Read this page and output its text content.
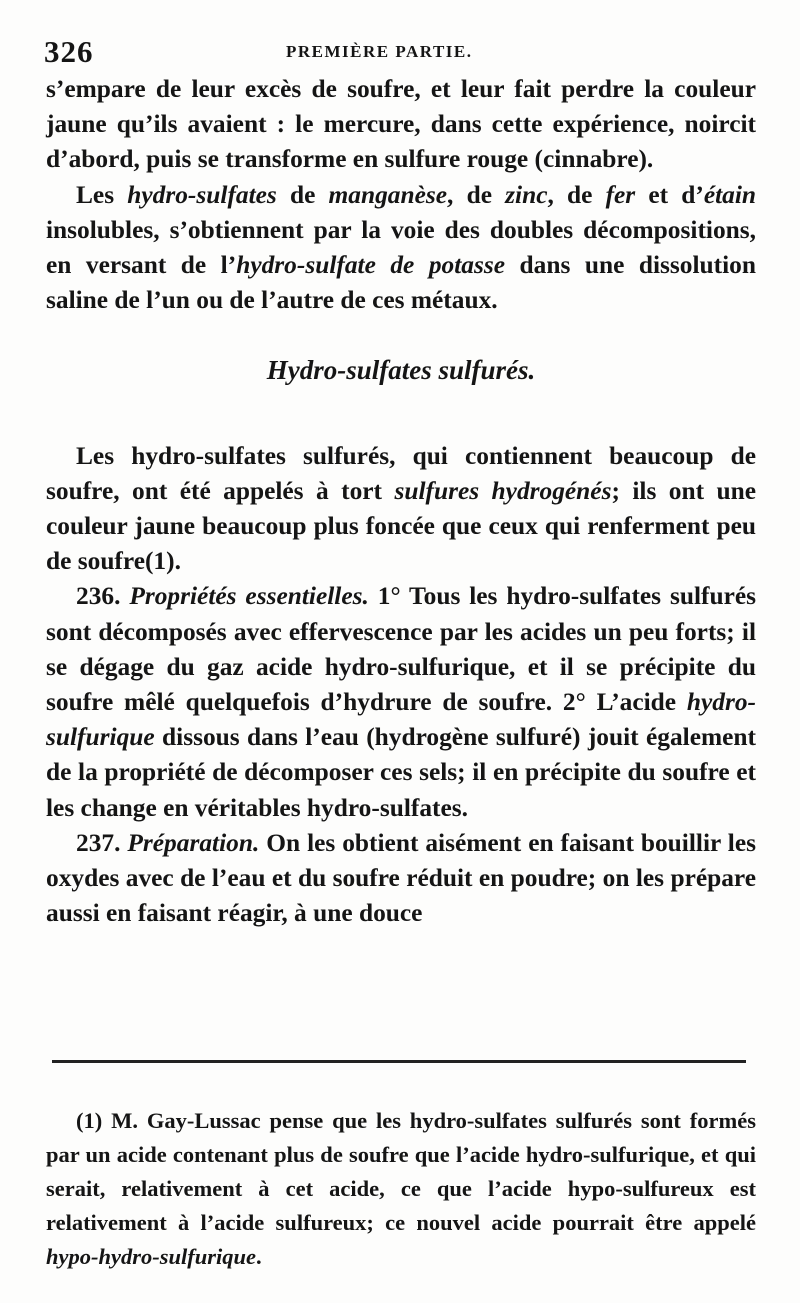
326	PREMIÈRE PARTIE.

s’empare de leur excès de soufre, et leur fait perdre la couleur jaune qu’ils avaient : le mercure, dans cette expérience, noircit d’abord, puis se transforme en sulfure rouge (cinnabre).

Les hydro-sulfates de manganèse, de zinc, de fer et d’étain insolubles, s’obtiennent par la voie des doubles décompositions, en versant de l’hydro-sulfate de potasse dans une dissolution saline de l’un ou de l’autre de ces métaux.

Hydro-sulfates sulfurés.

Les hydro-sulfates sulfurés, qui contiennent beaucoup de soufre, ont été appelés à tort sulfures hydrogénés; ils ont une couleur jaune beaucoup plus foncée que ceux qui renferment peu de soufre(1).

236. Propriétés essentielles. 1° Tous les hydro-sulfates sulfurés sont décomposés avec effervescence par les acides un peu forts; il se dégage du gaz acide hydro-sulfurique, et il se précipite du soufre mêlé quelquefois d’hydrure de soufre. 2° L’acide hydro-sulfurique dissous dans l’eau (hydrogène sulfuré) jouit également de la propriété de décomposer ces sels; il en précipite du soufre et les change en véritables hydro-sulfates.

237. Préparation. On les obtient aisément en faisant bouillir les oxydes avec de l’eau et du soufre réduit en poudre; on les prépare aussi en faisant réagir, à une douce

(1) M. Gay-Lussac pense que les hydro-sulfates sulfurés sont formés par un acide contenant plus de soufre que l’acide hydro-sulfurique, et qui serait, relativement à cet acide, ce que l’acide hypo-sulfureux est relativement à l’acide sulfureux; ce nouvel acide pourrait être appelé hypo-hydro-sulfurique.
